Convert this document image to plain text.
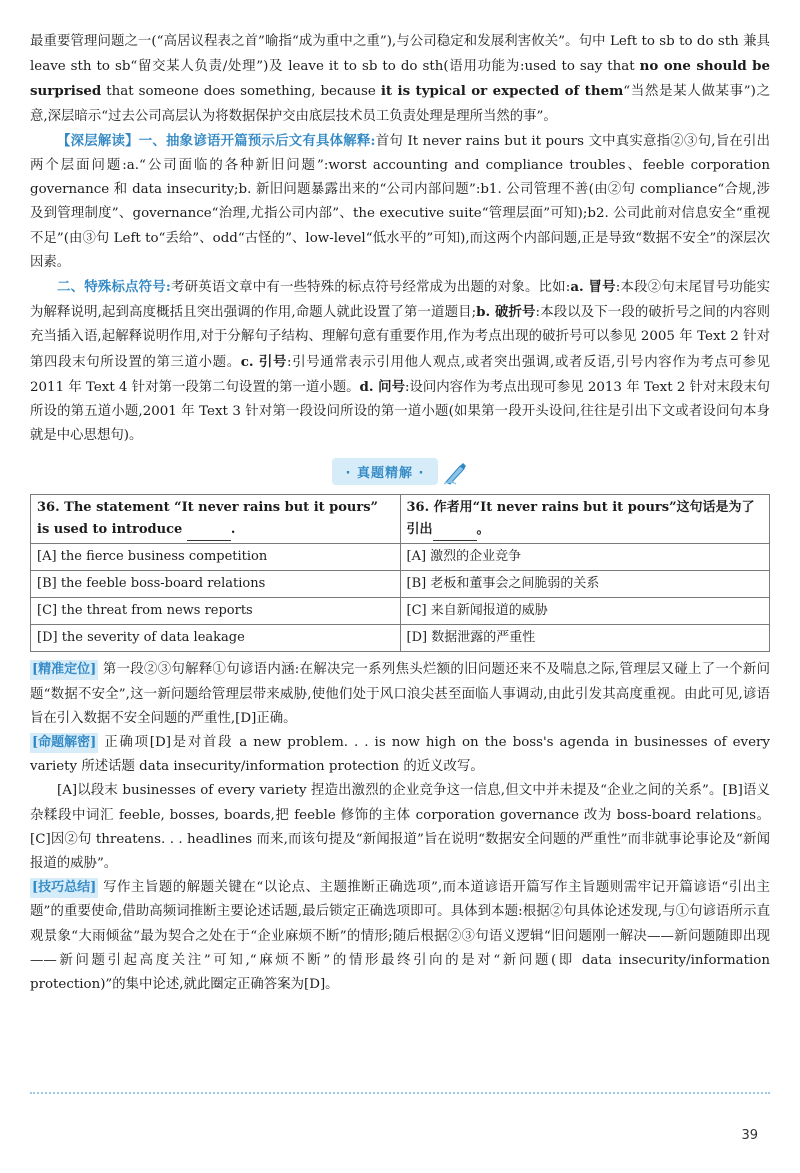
最重要管理问题之一(“高居议程表之首”喻指“成为重中之重”),与公司稳定和发展利害攸关”。句中 Left to sb to do sth 兼具 leave sth to sb“留交某人负责/处理”)及 leave it to sb to do sth(语用功能为:used to say that no one should be surprised that someone does something, because it is typical or expected of them“当然是某人做某事”)之意,深层暗示“过去公司高层认为将数据保护交由底层技术员工负责处理是理所当然的事”。

【深层解读】一、抽象谚语开篇预示后文有具体解释:首句 It never rains but it pours 文中真实意指②③句,旨在引出两个层面问题:a.“公司面临的各种新旧问题”:worst accounting and compliance troubles、feeble corporation governance 和 data insecurity;b. 新旧问题暴露出来的“公司内部问题”:b1. 公司管理不善(由②句 compliance“合规,涉及到管理制度”、governance“治理,尤指公司内部”、the executive suite“管理层面”可知);b2. 公司此前对信息安全“重视不足”(由③句 Left to“丢给”、odd“古怪的”、low-level“低水平的”可知),而这两个内部问题,正是导致“数据不安全”的深层次因素。

二、特殊标点符号:考研英语文章中有一些特殊的标点符号经常成为出题的对象。比如:a. 冒号:本段②句末尾冒号功能实为解释说明,起到高度概括且突出强调的作用,命题人就此设置了第一道题目;b. 破折号:本段以及下一段的破折号之间的内容则充当插入语,起解释说明作用,对于分解句子结构、理解句意有重要作用,作为考点出现的破折号可以参见 2005 年 Text 2 针对第四段末句所设置的第三道小题。c. 引号:引号通常表示引用他人观点,或者突出强调,或者反语,引号内容作为考点可参见 2011 年 Text 4 针对第一段第二句设置的第一道小题。d. 问号:设问内容作为考点出现可参见 2013 年 Text 2 针对末段末句所设的第五道小题,2001 年 Text 3 针对第一段设问所设的第一道小题(如果第一段开头设问,往往是引出下文或者设问句本身就是中心思想句)。

· 真题精解 ·
36. The statement “It never rains but it pours” is used to introduce .	36. 作者用“It never rains but it pours”这句话是为了引出 。
[A] the fierce business competition	[A] 激烈的企业竞争
[B] the feeble boss-board relations	[B] 老板和董事会之间脆弱的关系
[C] the threat from news reports	[C] 来自新闻报道的威胁
[D] the severity of data leakage	[D] 数据泄露的严重性

[精准定位] 第一段②③句解释①句谚语内涵:在解决完一系列焦头烂额的旧问题还来不及喘息之际,管理层又碰上了一个新问题“数据不安全”,这一新问题给管理层带来威胁,使他们处于风口浪尖甚至面临人事调动,由此引发其高度重视。由此可见,谚语旨在引入数据不安全问题的严重性,[D]正确。

[命题解密] 正确项[D]是对首段 a new problem. . . is now high on the boss's agenda in businesses of every variety 所述话题 data insecurity/information protection 的近义改写。

[A]以段末 businesses of every variety 捏造出激烈的企业竞争这一信息,但文中并未提及“企业之间的关系”。[B]语义杂糅段中词汇 feeble, bosses, boards,把 feeble 修饰的主体 corporation governance 改为 boss-board relations。[C]因②句 threatens. . . headlines 而来,而该句提及“新闻报道”旨在说明“数据安全问题的严重性”而非就事论事论及“新闻报道的威胁”。

[技巧总结] 写作主旨题的解题关键在“以论点、主题推断正确选项”,而本道谚语开篇写作主旨题则需牢记开篇谚语“引出主题”的重要使命,借助高频词推断主要论述话题,最后锁定正确选项即可。具体到本题:根据②句具体论述发现,与①句谚语所示直观景象“大雨倾盆”最为契合之处在于“企业麻烦不断”的情形;随后根据②③句语义逻辑“旧问题刚一解决——新问题随即出现——新问题引起高度关注”可知,“麻烦不断”的情形最终引向的是对“新问题(即 data insecurity/information protection)”的集中论述,就此圈定正确答案为[D]。

39
